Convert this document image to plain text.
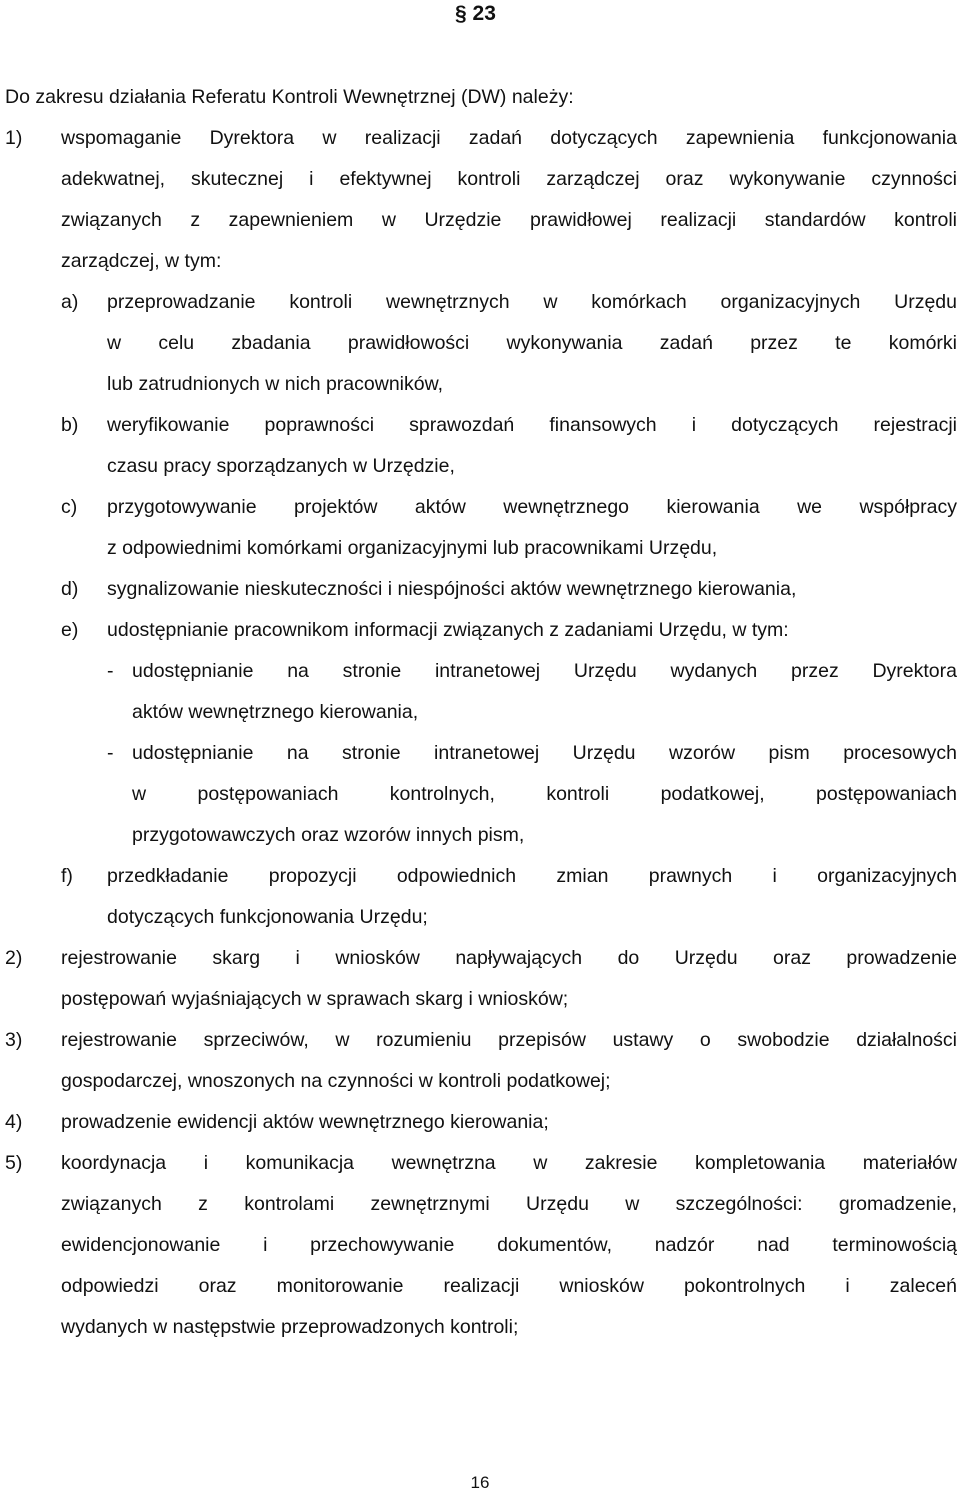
§ 23
Do zakresu działania Referatu Kontroli Wewnętrznej (DW) należy:
1) wspomaganie Dyrektora w realizacji zadań dotyczących zapewnienia funkcjonowania
adekwatnej, skutecznej i efektywnej kontroli zarządczej oraz wykonywanie czynności
związanych z zapewnieniem w Urzędzie prawidłowej realizacji standardów kontroli
zarządczej, w tym:
a) przeprowadzanie kontroli wewnętrznych w komórkach organizacyjnych Urzędu
w celu zbadania prawidłowości wykonywania zadań przez te komórki
lub zatrudnionych w nich pracowników,
b) weryfikowanie poprawności sprawozdań finansowych i dotyczących rejestracji
czasu pracy sporządzanych w Urzędzie,
c) przygotowywanie projektów aktów wewnętrznego kierowania we współpracy
z odpowiednimi komórkami organizacyjnymi lub pracownikami Urzędu,
d) sygnalizowanie nieskuteczności i niespójności aktów wewnętrznego kierowania,
e) udostępnianie pracownikom informacji związanych z zadaniami Urzędu, w tym:
- udostępnianie na stronie intranetowej Urzędu wydanych przez Dyrektora
aktów wewnętrznego kierowania,
- udostępnianie na stronie intranetowej Urzędu wzorów pism procesowych
w postępowaniach kontrolnych, kontroli podatkowej, postępowaniach
przygotowawczych oraz wzorów innych pism,
f) przedkładanie propozycji odpowiednich zmian prawnych i organizacyjnych
dotyczących funkcjonowania Urzędu;
2) rejestrowanie skarg i wniosków napływających do Urzędu oraz prowadzenie
postępowań wyjaśniających w sprawach skarg i wniosków;
3) rejestrowanie sprzeciwów, w rozumieniu przepisów ustawy o swobodzie działalności
gospodarczej, wnoszonych na czynności w kontroli podatkowej;
4) prowadzenie ewidencji aktów wewnętrznego kierowania;
5) koordynacja i komunikacja wewnętrzna w zakresie kompletowania materiałów
związanych z kontrolami zewnętrznymi Urzędu w szczególności: gromadzenie,
ewidencjonowanie i przechowywanie dokumentów, nadzór nad terminowością
odpowiedzi oraz monitorowanie realizacji wniosków pokontrolnych i zaleceń
wydanych w następstwie przeprowadzonych kontroli;
16
